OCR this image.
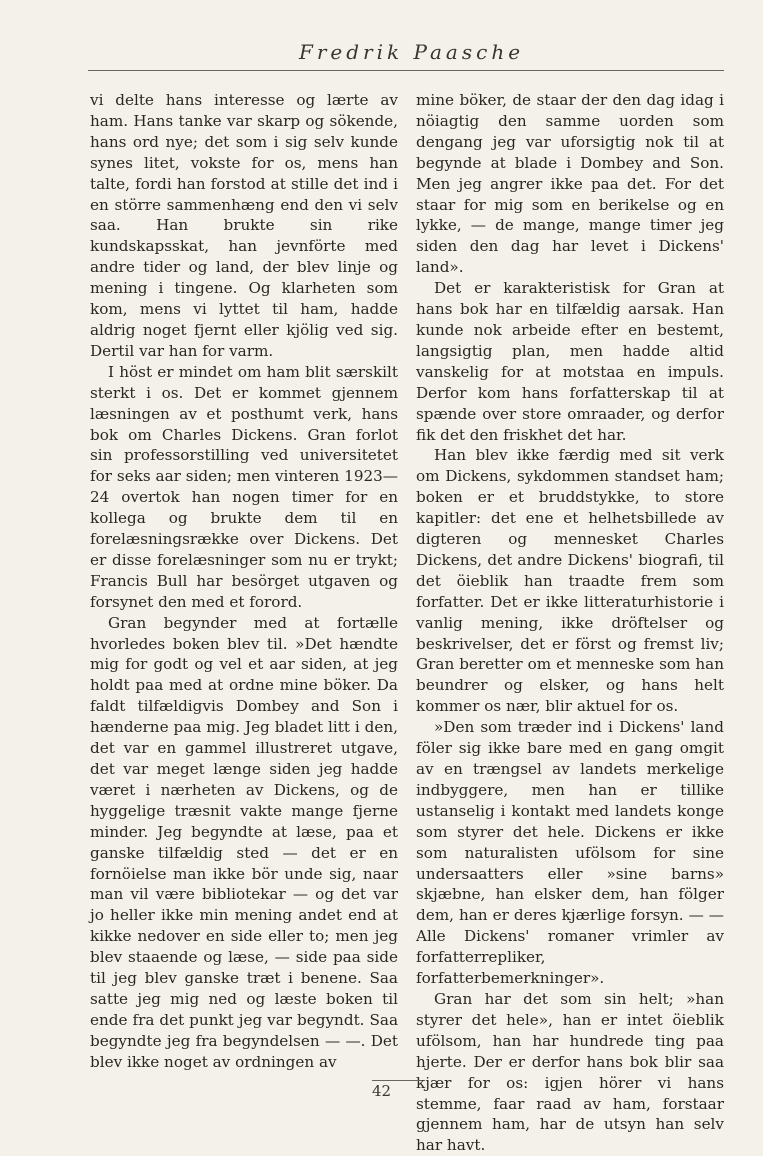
Fredrik Paasche

vi delte hans interesse og lærte av ham. Hans tanke var skarp og sökende, hans ord nye; det som i sig selv kunde synes litet, vokste for os, mens han talte, fordi han forstod at stille det ind i en större sammenhæng end den vi selv saa. Han brukte sin rike kundskapsskat, han jevnförte med andre tider og land, der blev linje og mening i tingene. Og klarheten som kom, mens vi lyttet til ham, hadde aldrig noget fjernt eller kjölig ved sig. Dertil var han for varm.

I höst er mindet om ham blit særskilt sterkt i os. Det er kommet gjennem læsningen av et posthumt verk, hans bok om Charles Dickens. Gran forlot sin professorstilling ved universitetet for seks aar siden; men vinteren 1923—24 overtok han nogen timer for en kollega og brukte dem til en forelæsningsrække over Dickens. Det er disse forelæsninger som nu er trykt; Francis Bull har besörget utgaven og forsynet den med et forord.

Gran begynder med at fortælle hvorledes boken blev til. »Det hændte mig for godt og vel et aar siden, at jeg holdt paa med at ordne mine böker. Da faldt tilfældigvis Dombey and Son i hænderne paa mig. Jeg bladet litt i den, det var en gammel illustreret utgave, det var meget længe siden jeg hadde været i nærheten av Dickens, og de hyggelige træsnit vakte mange fjerne minder. Jeg begyndte at læse, paa et ganske tilfældig sted — det er en fornöielse man ikke bör unde sig, naar man vil være bibliotekar — og det var jo heller ikke min mening andet end at kikke nedover en side eller to; men jeg blev staaende og læse, — side paa side til jeg blev ganske træt i benene. Saa satte jeg mig ned og læste boken til ende fra det punkt jeg var begyndt. Saa begyndte jeg fra begyndelsen — —. Det blev ikke noget av ordningen av

mine böker, de staar der den dag idag i nöiagtig den samme uorden som dengang jeg var uforsigtig nok til at begynde at blade i Dombey and Son. Men jeg angrer ikke paa det. For det staar for mig som en berikelse og en lykke, — de mange, mange timer jeg siden den dag har levet i Dickens' land».

Det er karakteristisk for Gran at hans bok har en tilfældig aarsak. Han kunde nok arbeide efter en bestemt, langsigtig plan, men hadde altid vanskelig for at motstaa en impuls. Derfor kom hans forfatterskap til at spænde over store omraader, og derfor fik det den friskhet det har.

Han blev ikke færdig med sit verk om Dickens, sykdommen standset ham; boken er et bruddstykke, to store kapitler: det ene et helhetsbillede av digteren og mennesket Charles Dickens, det andre Dickens' biografi, til det öieblik han traadte frem som forfatter. Det er ikke litteraturhistorie i vanlig mening, ikke dröftelser og beskrivelser, det er först og fremst liv; Gran beretter om et menneske som han beundrer og elsker, og hans helt kommer os nær, blir aktuel for os.

»Den som træder ind i Dickens' land föler sig ikke bare med en gang omgit av en trængsel av landets merkelige indbyggere, men han er tillike ustanselig i kontakt med landets konge som styrer det hele. Dickens er ikke som naturalisten ufölsom for sine undersaatters eller »sine barns» skjæbne, han elsker dem, han fölger dem, han er deres kjærlige forsyn. — — Alle Dickens' romaner vrimler av forfatterrepliker, forfatterbemerkninger».

Gran har det som sin helt; »han styrer det hele», han er intet öieblik ufölsom, han har hundrede ting paa hjerte. Der er derfor hans bok blir saa kjær for os: igjen hörer vi hans stemme, faar raad av ham, forstaar gjennem ham, har de utsyn han selv har havt.

42
